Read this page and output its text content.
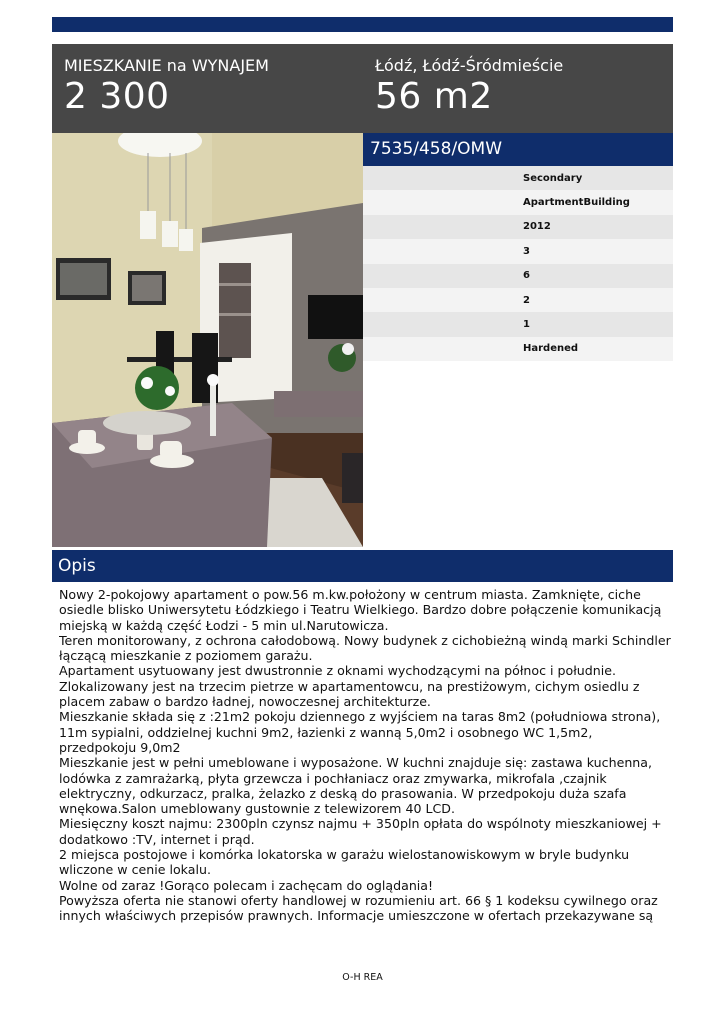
MIESZKANIE na WYNAJEM
2 300
Łódź, Łódź-Śródmieście
56 m2
7535/458/OMW
Secondary
ApartmentBuilding
2012
3
6
2
1
Hardened
Opis
Nowy 2-pokojowy apartament o pow.56 m.kw.położony w centrum miasta. Zamknięte, ciche osiedle blisko Uniwersytetu Łódzkiego i Teatru Wielkiego. Bardzo dobre połączenie komunikacją miejską w każdą część Łodzi - 5 min ul.Narutowicza.
Teren monitorowany, z ochrona całodobową. Nowy budynek z cichobieżną windą marki Schindler łączącą mieszkanie z poziomem garażu.
Apartament usytuowany jest dwustronnie z oknami wychodzącymi na północ i południe.
Zlokalizowany jest na trzecim pietrze w apartamentowcu, na prestiżowym, cichym osiedlu z placem zabaw o bardzo ładnej, nowoczesnej architekturze.
Mieszkanie składa się z :21m2 pokoju dziennego z wyjściem na taras 8m2 (południowa strona), 11m sypialni, oddzielnej kuchni 9m2, łazienki z wanną 5,0m2 i osobnego WC 1,5m2, przedpokoju 9,0m2
Mieszkanie jest w pełni umeblowane i wyposażone. W kuchni znajduje się: zastawa kuchenna, lodówka z zamrażarką, płyta grzewcza i pochłaniacz oraz zmywarka, mikrofala ,czajnik elektryczny, odkurzacz, pralka, żelazko z deską do prasowania. W przedpokoju duża szafa wnękowa.Salon umeblowany gustownie z telewizorem 40 LCD.
Miesięczny koszt najmu: 2300pln czynsz najmu + 350pln opłata do wspólnoty mieszkaniowej + dodatkowo :TV, internet i prąd.
2 miejsca postojowe i komórka lokatorska w garażu wielostanowiskowym w bryle budynku wliczone w cenie lokalu.
Wolne od zaraz !Gorąco polecam i zachęcam do oglądania!
Powyższa oferta nie stanowi oferty handlowej w rozumieniu art. 66 § 1 kodeksu cywilnego oraz innych właściwych przepisów prawnych. Informacje umieszczone w ofertach przekazywane są
O-H REA
